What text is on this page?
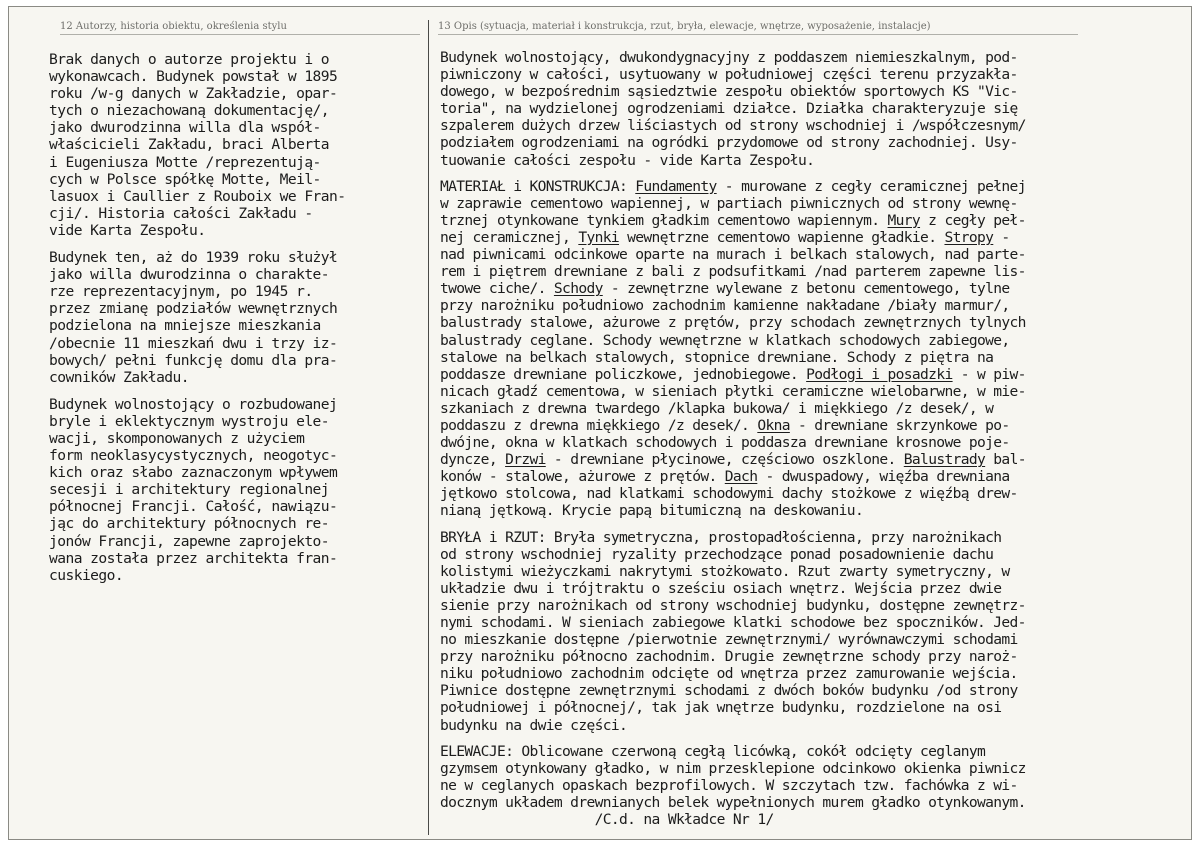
12 Autorzy, historia obiektu, określenia stylu	13 Opis (sytuacja, materiał i konstrukcja, rzut, bryła, elewacje, wnętrze, wyposażenie, instalacje)

Brak danych o autorze projektu i o

wykonawcach. Budynek powstał w 1895

roku /w-g danych w Zakładzie, opar-

tych o niezachowaną dokumentację/,

jako dwurodzinna willa dla współ-

właścicieli Zakładu, braci Alberta

i Eugeniusza Motte /reprezentują-

cych w Polsce spółkę Motte, Meil-

lasuox i Caullier z Rouboix we Fran-

cji/. Historia całości Zakładu -

vide Karta Zespołu.

Budynek ten, aż do 1939 roku służył

jako willa dwurodzinna o charakte-

rze reprezentacyjnym, po 1945 r.

przez zmianę podziałów wewnętrznych

podzielona na mniejsze mieszkania

/obecnie 11 mieszkań dwu i trzy iz-

bowych/ pełni funkcję domu dla pra-

cowników Zakładu.

Budynek wolnostojący o rozbudowanej

bryle i eklektycznym wystroju ele-

wacji, skomponowanych z użyciem

form neoklasycystycznych, neogotyc-

kich oraz słabo zaznaczonym wpływem

secesji i architektury regionalnej

północnej Francji. Całość, nawiązu-

jąc do architektury północnych re-

jonów Francji, zapewne zaprojekto-

wana została przez architekta fran-

cuskiego.

Budynek wolnostojący, dwukondygnacyjny z poddaszem niemieszkalnym, pod-

piwniczony w całości, usytuowany w południowej części terenu przyzakła-

dowego, w bezpośrednim sąsiedztwie zespołu obiektów sportowych KS "Vic-

toria", na wydzielonej ogrodzeniami działce. Działka charakteryzuje się

szpalerem dużych drzew liściastych od strony wschodniej i /współczesnym/

podziałem ogrodzeniami na ogródki przydomowe od strony zachodniej. Usy-

tuowanie całości zespołu - vide Karta Zespołu.

MATERIAŁ i KONSTRUKCJA: Fundamenty - murowane z cegły ceramicznej pełnej

w zaprawie cementowo wapiennej, w partiach piwnicznych od strony wewnę-

trznej otynkowane tynkiem gładkim cementowo wapiennym. Mury z cegły peł-

nej ceramicznej, Tynki wewnętrzne cementowo wapienne gładkie. Stropy -

nad piwnicami odcinkowe oparte na murach i belkach stalowych, nad parte-

rem i piętrem drewniane z bali z podsufitkami /nad parterem zapewne lis-

twowe ciche/. Schody - zewnętrzne wylewane z betonu cementowego, tylne

przy narożniku południowo zachodnim kamienne nakładane /biały marmur/,

balustrady stalowe, ażurowe z prętów, przy schodach zewnętrznych tylnych

balustrady ceglane. Schody wewnętrzne w klatkach schodowych zabiegowe,

stalowe na belkach stalowych, stopnice drewniane. Schody z piętra na

poddasze drewniane policzkowe, jednobiegowe. Podłogi i posadzki - w piw-

nicach gładź cementowa, w sieniach płytki ceramiczne wielobarwne, w mie-

szkaniach z drewna twardego /klapka bukowa/ i miękkiego /z desek/, w

poddaszu z drewna miękkiego /z desek/. Okna - drewniane skrzynkowe po-

dwójne, okna w klatkach schodowych i poddasza drewniane krosnowe poje-

dyncze, Drzwi - drewniane płycinowe, częściowo oszklone. Balustrady bal-

konów - stalowe, ażurowe z prętów. Dach - dwuspadowy, więźba drewniana

jętkowo stolcowa, nad klatkami schodowymi dachy stożkowe z więźbą drew-

nianą jętkową. Krycie papą bitumiczną na deskowaniu.

BRYŁA i RZUT: Bryła symetryczna, prostopadłościenna, przy narożnikach

od strony wschodniej ryzality przechodzące ponad posadownienie dachu

kolistymi wieżyczkami nakrytymi stożkowato. Rzut zwarty symetryczny, w

układzie dwu i trójtraktu o sześciu osiach wnętrz. Wejścia przez dwie

sienie przy narożnikach od strony wschodniej budynku, dostępne zewnętrz-

nymi schodami. W sieniach zabiegowe klatki schodowe bez spoczników. Jed-

no mieszkanie dostępne /pierwotnie zewnętrznymi/ wyrównawczymi schodami

przy narożniku północno zachodnim. Drugie zewnętrzne schody przy naroż-

niku południowo zachodnim odcięte od wnętrza przez zamurowanie wejścia.

Piwnice dostępne zewnętrznymi schodami z dwóch boków budynku /od strony

południowej i północnej/, tak jak wnętrze budynku, rozdzielone na osi

budynku na dwie części.

ELEWACJE: Oblicowane czerwoną cegłą licówką, cokół odcięty ceglanym

gzymsem otynkowany gładko, w nim przesklepione odcinkowo okienka piwnicz

ne w ceglanych opaskach bezprofilowych. W szczytach tzw. fachówka z wi-

docznym układem drewnianych belek wypełnionych murem gładko otynkowanym.

/C.d. na Wkładce Nr 1/
